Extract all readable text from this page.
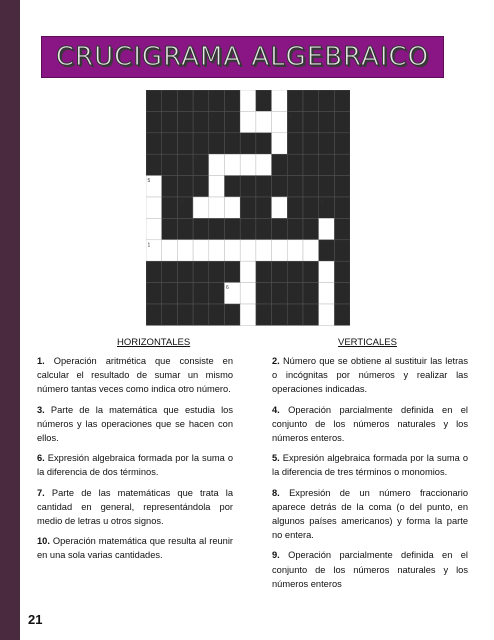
CRUCIGRAMA ALGEBRAICO
2	8
7	9
3
5
10	4
1
6
HORIZONTALES	VERTICALES

1. Operación aritmética que consiste en calcular el resultado de sumar un mismo número tantas veces como indica otro número.

3. Parte de la matemática que estudia los números y las operaciones que se hacen con ellos.

6. Expresión algebraica formada por la suma o la diferencia de dos términos.

7. Parte de las matemáticas que trata la cantidad en general, representándola por medio de letras u otros signos.

10. Operación matemática que resulta al reunir en una sola varias cantidades.

2. Número que se obtiene al sustituir las letras o incógnitas por números y realizar las operaciones indicadas.

4. Operación parcialmente definida en el conjunto de los números naturales y los números enteros.

5. Expresión algebraica formada por la suma o la diferencia de tres términos o monomios.

8. Expresión de un número fraccionario aparece detrás de la coma (o del punto, en algunos países americanos) y forma la parte no entera.

9. Operación parcialmente definida en el conjunto de los números naturales y los números enteros

21
